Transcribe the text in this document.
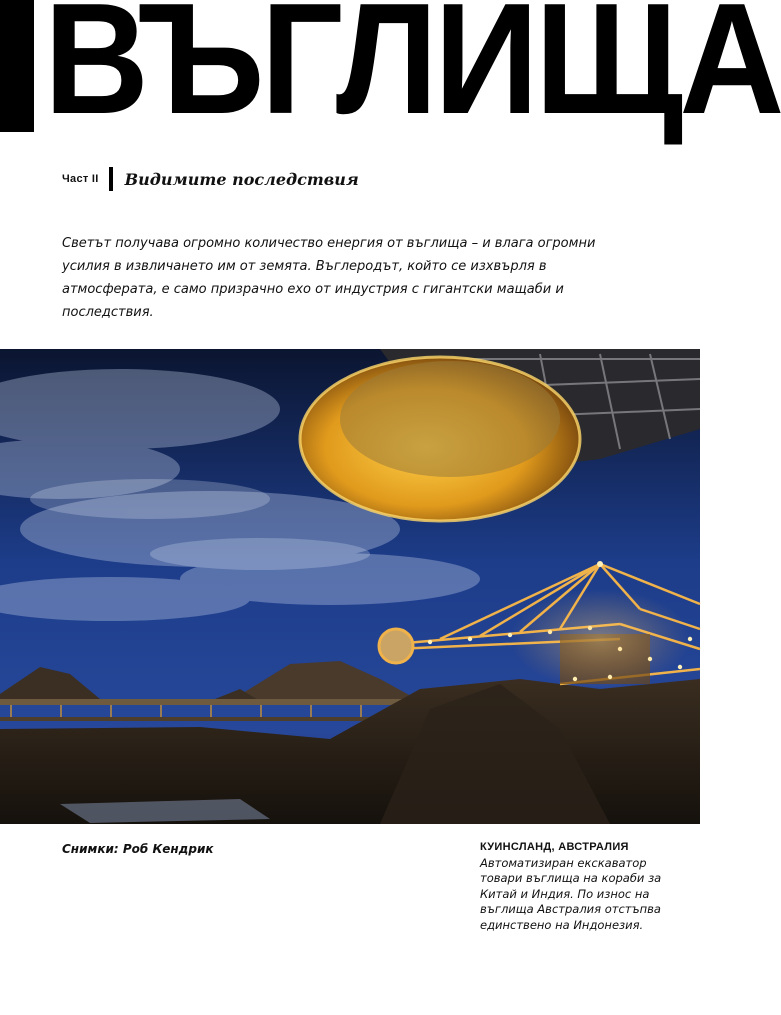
ВЪГЛИЩА
Част II Видимите последствия

Светът получава огромно количество енергия от въглища – и влага огромни усилия в извличането им от земята. Въглеродът, който се изхвърля в атмосферата, е само призрачно ехо от индустрия с гигантски мащаби и последствия.

Снимки: Роб Кендрик	КУИНСЛАНД, АВСТРАЛИЯ
Автоматизиран екскаватор товари въглища на кораби за Китай и Индия. По износ на въглища Австралия отстъпва единствено на Индонезия.
